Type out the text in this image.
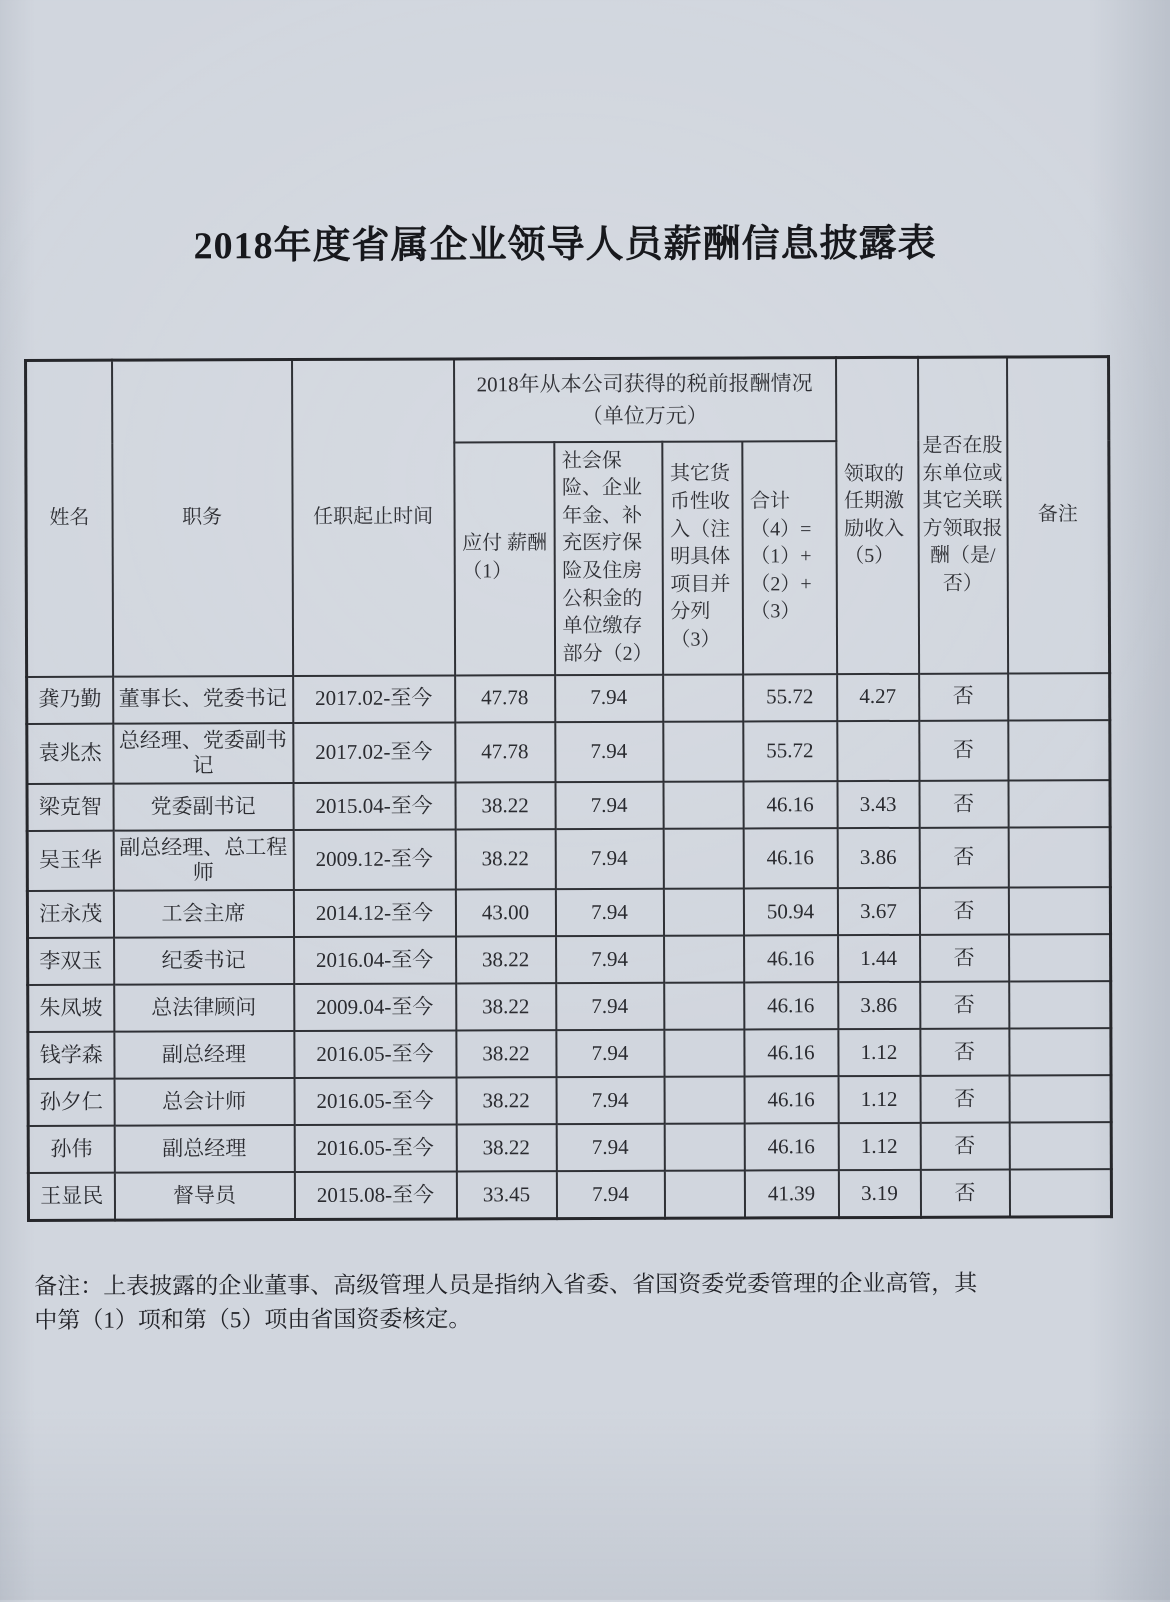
2018年度省属企业领导人员薪酬信息披露表
姓名	职务	任职起止时间	2018年从本公司获得的税前报酬情况　（单位万元）				领取的任期激励收入（5）	是否在股东单位或其它关联方领取报酬（是/否）	备注
			应付 薪酬（1）	社会保险、企业年金、补充医疗保险及住房公积金的单位缴存部分（2）	其它货币性收入（注明具体项目并分列（3）	合计
（4）=
（1）+
（2）+
（3）			
龚乃勤	董事长、党委书记	2017.02-至今	47.78	7.94		55.72	4.27	否	
袁兆杰	总经理、党委副书记	2017.02-至今	47.78	7.94		55.72		否	
梁克智	党委副书记	2015.04-至今	38.22	7.94		46.16	3.43	否	
吴玉华	副总经理、总工程师	2009.12-至今	38.22	7.94		46.16	3.86	否	
汪永茂	工会主席	2014.12-至今	43.00	7.94		50.94	3.67	否	
李双玉	纪委书记	2016.04-至今	38.22	7.94		46.16	1.44	否	
朱凤坡	总法律顾问	2009.04-至今	38.22	7.94		46.16	3.86	否	
钱学森	副总经理	2016.05-至今	38.22	7.94		46.16	1.12	否	
孙夕仁	总会计师	2016.05-至今	38.22	7.94		46.16	1.12	否	
孙伟	副总经理	2016.05-至今	38.22	7.94		46.16	1.12	否	
王显民	督导员	2015.08-至今	33.45	7.94		41.39	3.19	否	

备注：上表披露的企业董事、高级管理人员是指纳入省委、省国资委党委管理的企业高管，其中第（1）项和第（5）项由省国资委核定。
